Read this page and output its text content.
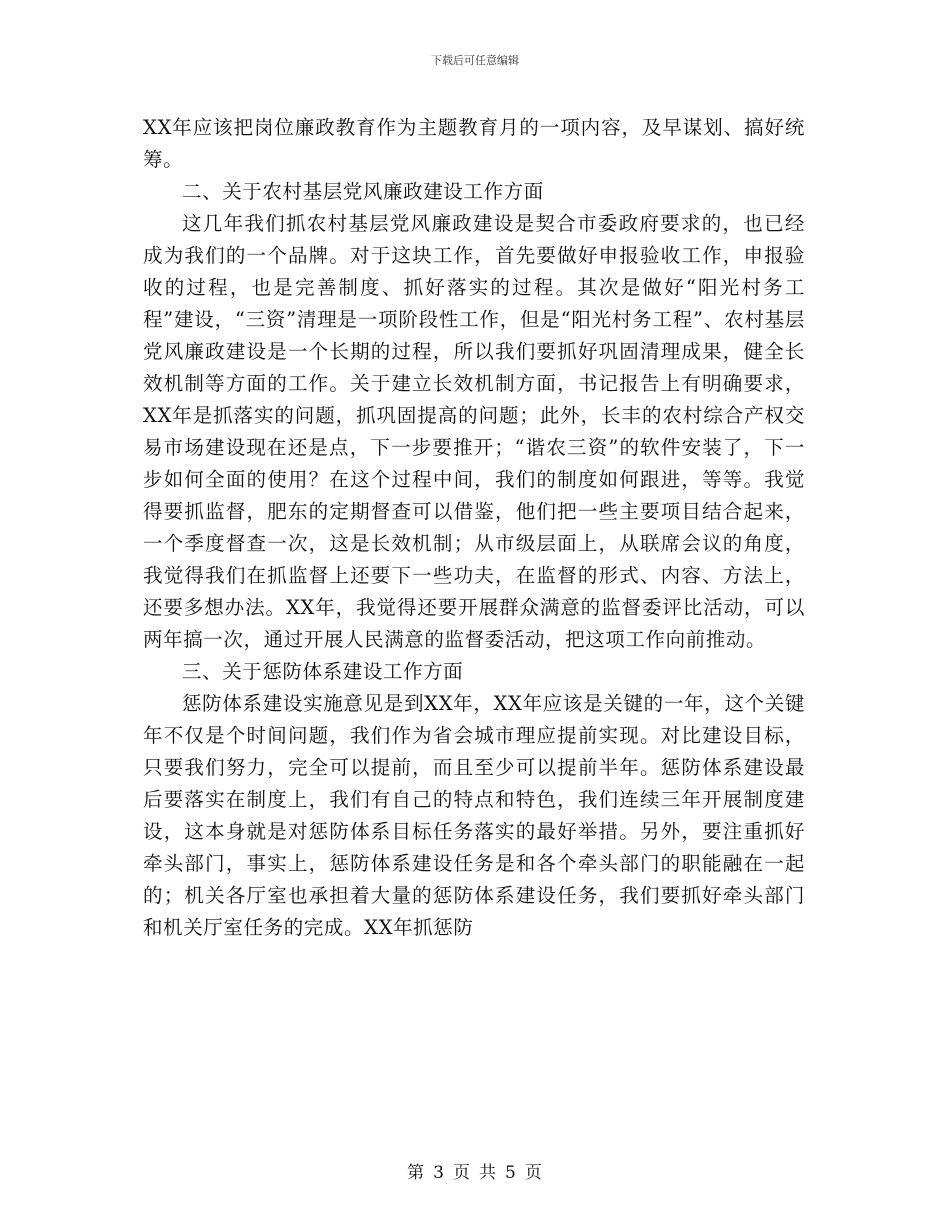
下载后可任意编辑

XX年应该把岗位廉政教育作为主题教育月的一项内容，及早谋划、搞好统筹。

二、关于农村基层党风廉政建设工作方面

这几年我们抓农村基层党风廉政建设是契合市委政府要求的，也已经成为我们的一个品牌。对于这块工作，首先要做好申报验收工作，申报验收的过程，也是完善制度、抓好落实的过程。其次是做好“阳光村务工程”建设，“三资”清理是一项阶段性工作，但是“阳光村务工程”、农村基层党风廉政建设是一个长期的过程，所以我们要抓好巩固清理成果，健全长效机制等方面的工作。关于建立长效机制方面，书记报告上有明确要求，XX年是抓落实的问题，抓巩固提高的问题；此外，长丰的农村综合产权交易市场建设现在还是点，下一步要推开；“谐农三资”的软件安装了，下一步如何全面的使用？在这个过程中间，我们的制度如何跟进，等等。我觉得要抓监督，肥东的定期督查可以借鉴，他们把一些主要项目结合起来，一个季度督查一次，这是长效机制；从市级层面上，从联席会议的角度，我觉得我们在抓监督上还要下一些功夫，在监督的形式、内容、方法上，还要多想办法。XX年，我觉得还要开展群众满意的监督委评比活动，可以两年搞一次，通过开展人民满意的监督委活动，把这项工作向前推动。

三、关于惩防体系建设工作方面

惩防体系建设实施意见是到XX年，XX年应该是关键的一年，这个关键年不仅是个时间问题，我们作为省会城市理应提前实现。对比建设目标，只要我们努力，完全可以提前，而且至少可以提前半年。惩防体系建设最后要落实在制度上，我们有自己的特点和特色，我们连续三年开展制度建设，这本身就是对惩防体系目标任务落实的最好举措。另外，要注重抓好牵头部门，事实上，惩防体系建设任务是和各个牵头部门的职能融在一起的；机关各厅室也承担着大量的惩防体系建设任务，我们要抓好牵头部门和机关厅室任务的完成。XX年抓惩防

第 3 页 共 5 页
